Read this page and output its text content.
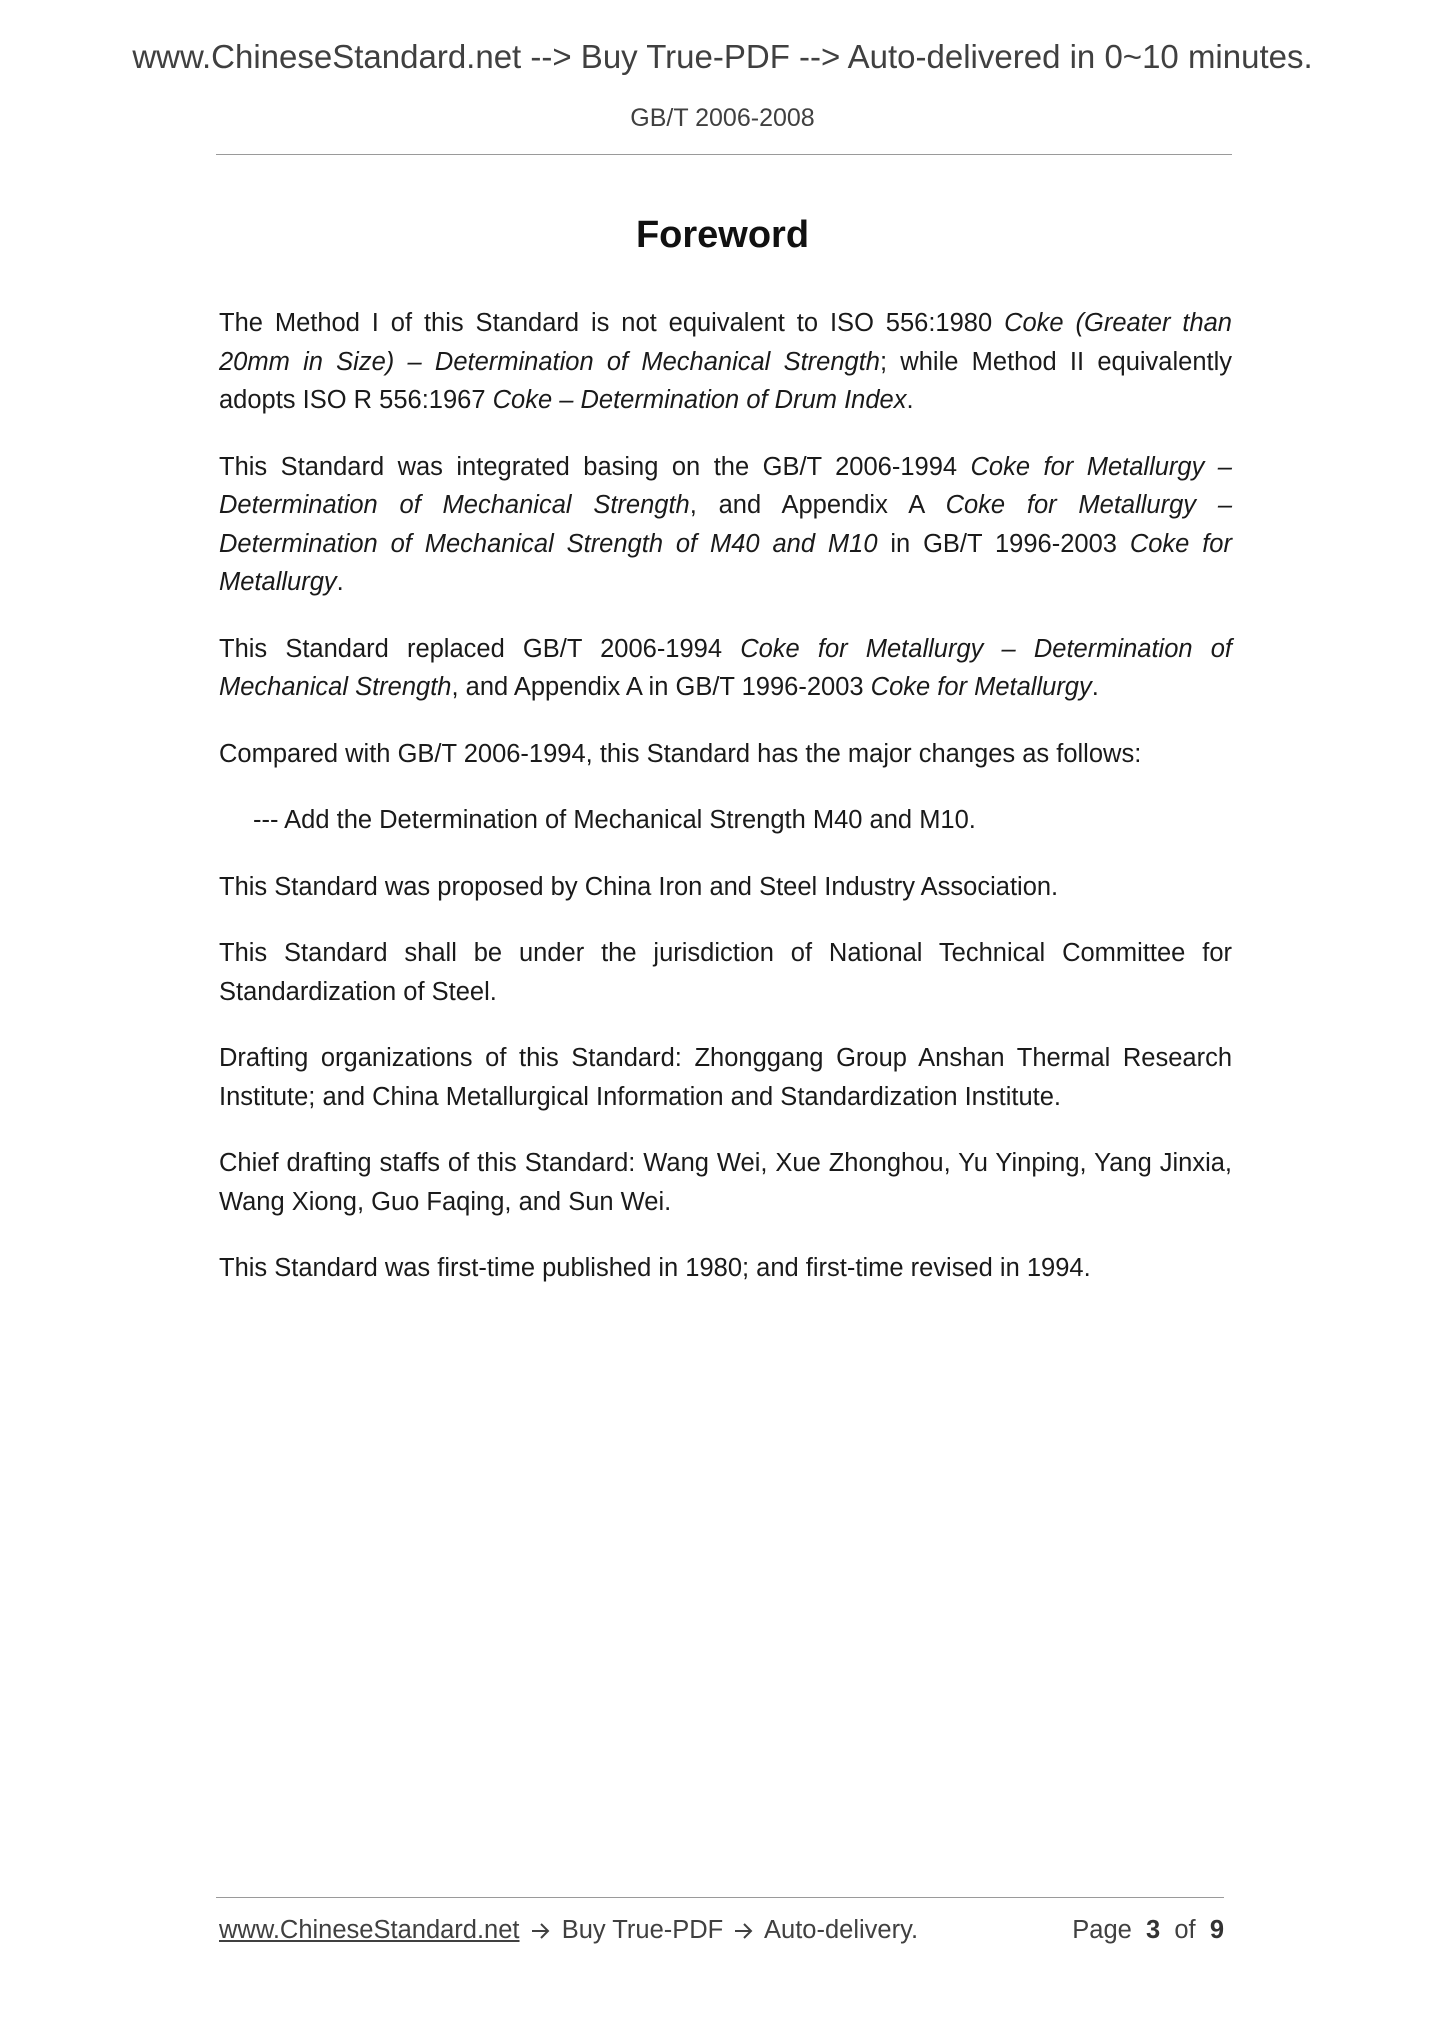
www.ChineseStandard.net --> Buy True-PDF --> Auto-delivered in 0~10 minutes.
GB/T 2006-2008
Foreword

The Method I of this Standard is not equivalent to ISO 556:1980 Coke (Greater than 20mm in Size) – Determination of Mechanical Strength; while Method II equivalently adopts ISO R 556:1967 Coke – Determination of Drum Index.

This Standard was integrated basing on the GB/T 2006-1994 Coke for Metallurgy – Determination of Mechanical Strength, and Appendix A Coke for Metallurgy – Determination of Mechanical Strength of M40 and M10 in GB/T 1996-2003 Coke for Metallurgy.

This Standard replaced GB/T 2006-1994 Coke for Metallurgy – Determination of Mechanical Strength, and Appendix A in GB/T 1996-2003 Coke for Metallurgy.

Compared with GB/T 2006-1994, this Standard has the major changes as follows:

--- Add the Determination of Mechanical Strength M40 and M10.

This Standard was proposed by China Iron and Steel Industry Association.

This Standard shall be under the jurisdiction of National Technical Committee for Standardization of Steel.

Drafting organizations of this Standard: Zhonggang Group Anshan Thermal Research Institute; and China Metallurgical Information and Standardization Institute.

Chief drafting staffs of this Standard: Wang Wei, Xue Zhonghou, Yu Yinping, Yang Jinxia, Wang Xiong, Guo Faqing, and Sun Wei.

This Standard was first-time published in 1980; and first-time revised in 1994.

www.ChineseStandard.net Buy True-PDF Auto-delivery.	Page 3 of 9
